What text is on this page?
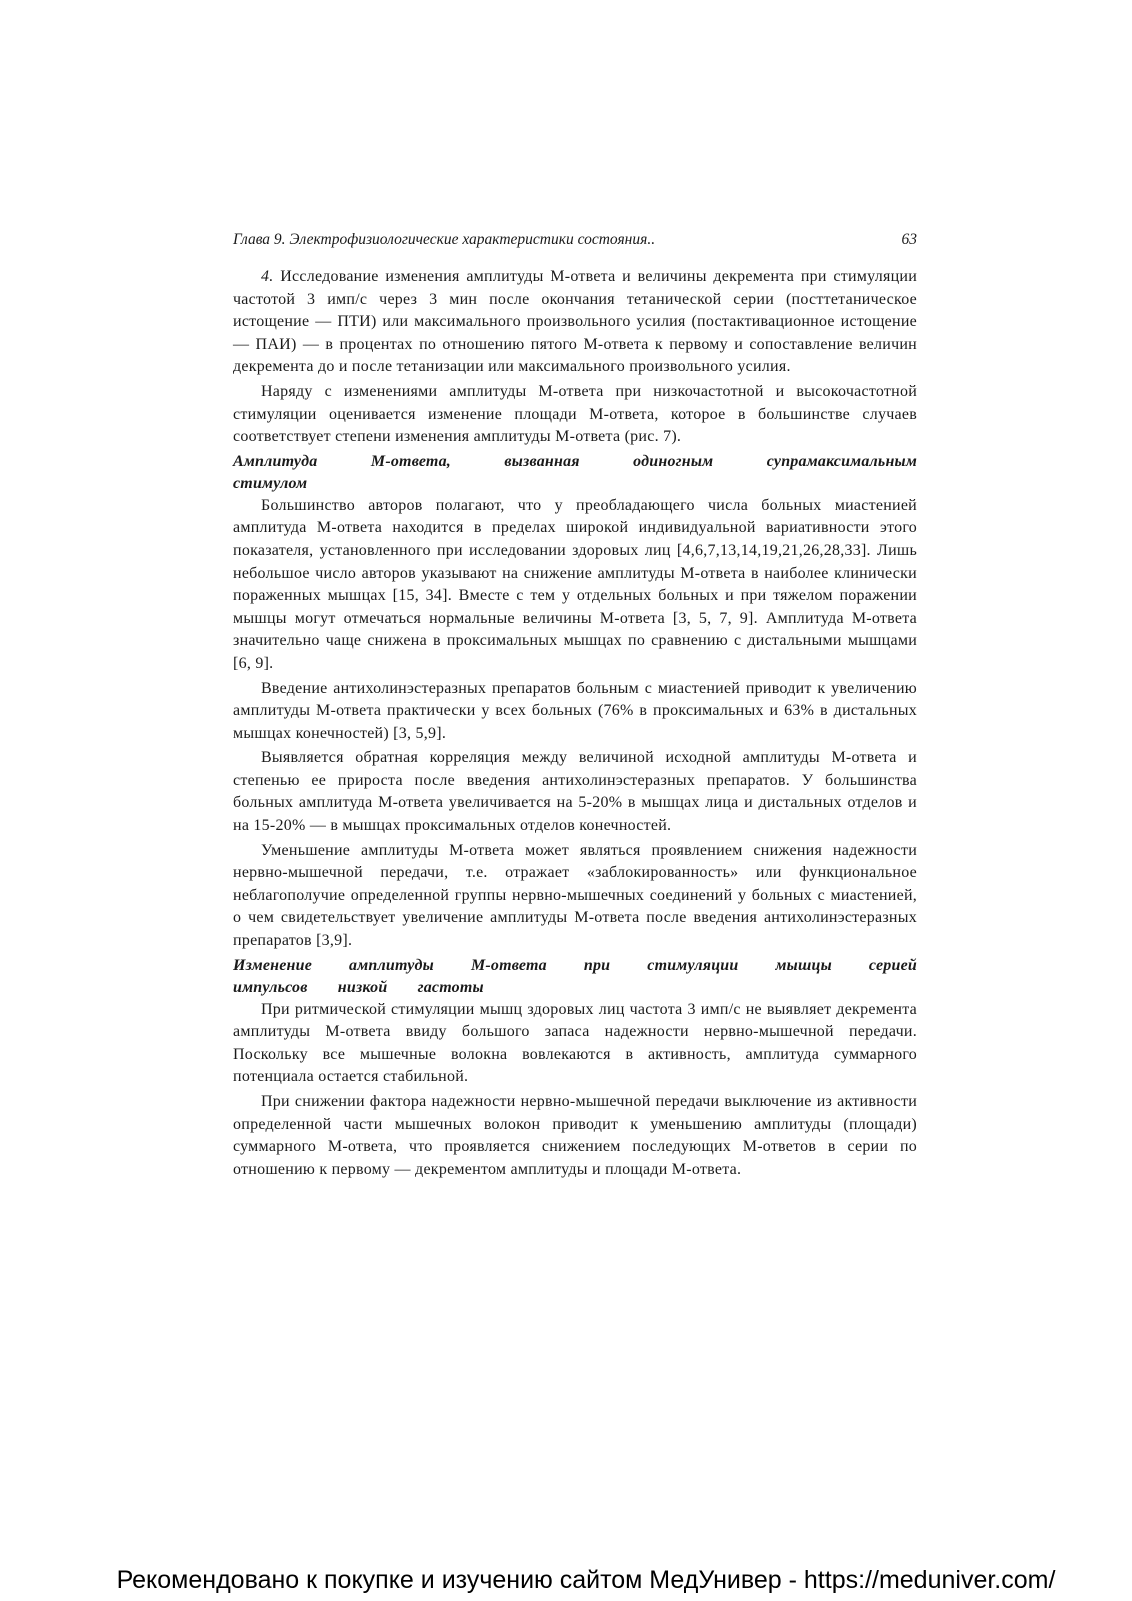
Глава 9. Электрофизиологические характеристики состояния..	63

4. Исследование изменения амплитуды М-ответа и величины декремента при стимуляции частотой 3 имп/с через 3 мин после окончания тетанической серии (посттетаническое истощение — ПТИ) или максимального произвольного усилия (постактивационное истощение — ПАИ) — в процентах по отношению пятого М-ответа к первому и сопоставление величин декремента до и после тетанизации или максимального произвольного усилия.

Наряду с изменениями амплитуды М-ответа при низкочастотной и высокочастотной стимуляции оценивается изменение площади М-ответа, которое в большинстве случаев соответствует степени изменения амплитуды М-ответа (рис. 7).

Амплитуда М-ответа, вызванная одиногным супрамаксимальным стимулом

Большинство авторов полагают, что у преобладающего числа больных миастенией амплитуда М-ответа находится в пределах широкой индивидуальной вариативности этого показателя, установленного при исследовании здоровых лиц [4,6,7,13,14,19,21,26,28,33]. Лишь небольшое число авторов указывают на снижение амплитуды М-ответа в наиболее клинически пораженных мышцах [15, 34]. Вместе с тем у отдельных больных и при тяжелом поражении мышцы могут отмечаться нормальные величины М-ответа [3, 5, 7, 9]. Амплитуда М-ответа значительно чаще снижена в проксимальных мышцах по сравнению с дистальными мышцами [6, 9].

Введение антихолинэстеразных препаратов больным с миастенией приводит к увеличению амплитуды М-ответа практически у всех больных (76% в проксимальных и 63% в дистальных мышцах конечностей) [3, 5,9].

Выявляется обратная корреляция между величиной исходной амплитуды М-ответа и степенью ее прироста после введения антихолинэстеразных препаратов. У большинства больных амплитуда М-ответа увеличивается на 5-20% в мышцах лица и дистальных отделов и на 15-20% — в мышцах проксимальных отделов конечностей.

Уменьшение амплитуды М-ответа может являться проявлением снижения надежности нервно-мышечной передачи, т.е. отражает «заблокированность» или функциональное неблагополучие определенной группы нервно-мышечных соединений у больных с миастенией, о чем свидетельствует увеличение амплитуды М-ответа после введения антихолинэстеразных препаратов [3,9].

Изменение амплитуды М-ответа при стимуляции мышцы серией импульсов низкой гастоты

При ритмической стимуляции мышц здоровых лиц частота 3 имп/с не выявляет декремента амплитуды М-ответа ввиду большого запаса надежности нервно-мышечной передачи. Поскольку все мышечные волокна вовлекаются в активность, амплитуда суммарного потенциала остается стабильной.

При снижении фактора надежности нервно-мышечной передачи выключение из активности определенной части мышечных волокон приводит к уменьшению амплитуды (площади) суммарного М-ответа, что проявляется снижением последующих М-ответов в серии по отношению к первому — декрементом амплитуды и площади М-ответа.

Рекомендовано к покупке и изучению сайтом МедУнивер - https://meduniver.com/
